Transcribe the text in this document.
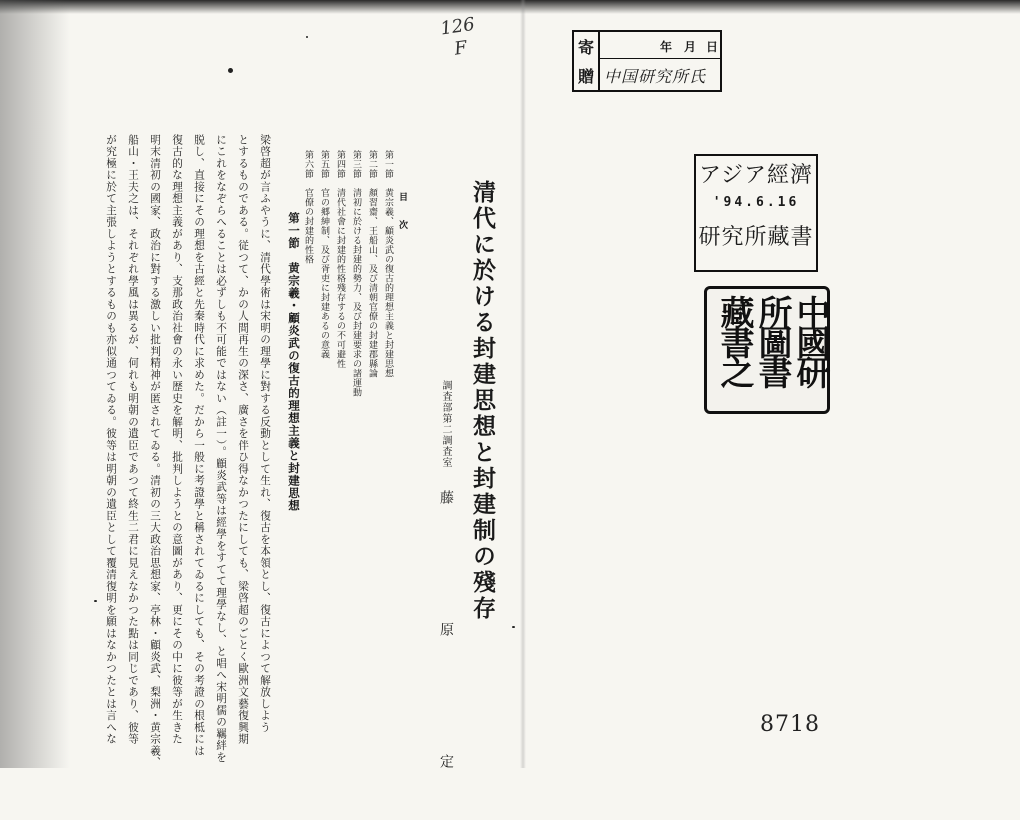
126
F
清代に於ける封建思想と封建制の殘存
調査部第二調査室
藤　原　定
目　次
第一節　黄宗羲、顧炎武の復古的理想主義と封建思想
第二節　顏習齋、王船山、及び清朝官僚の封建郡縣論
第三節　清初に於ける封建的勢力、及び封建要求の諸運動
第四節　清代社會に封建的性格殘存するの不可避性
第五節　官の郷紳制、及び胥吏に封建あるの意義
第六節　官僚の封建的性格
第一節　黄宗羲・顧炎武の復古的理想主義と封建思想
梁啓超が言ふやうに、清代學術は宋明の理學に對する反動として生れ、復古を本領とし、復古によつて解放しよう
とするものである。従つて、かの人間再生の深さ、廣さを伴ひ得なかつたにしても、梁啓超のごとく歐洲文藝復興期
にこれをなぞらへることは必ずしも不可能ではない（註一）。顧炎武等は經學をすてて理學なし、と唱へ宋明儒の羈絆を
脱し、直接にその理想を古經と先秦時代に求めた。だから一般に考證學と稱されてゐるにしても、その考證の根柢には
復古的な理想主義があり、支那政治社會の永い歴史を解明、批判しようとの意圖があり、更にその中に彼等が生きた
明末清初の國家、政治に對する激しい批判精神が匿されてゐる。清初の三大政治思想家、亭林・顧炎武、梨洲・黄宗羲、
船山・王夫之は、それぞれ學風は異るが、何れも明朝の遺臣であつて終生二君に見えなかつた點は同じであり、彼等
が究極に於て主張しようとするものも亦似通つてゐる。彼等は明朝の遺臣として覆清復明を願はなかつたとは言へな
寄
贈
年 月 日
中国研究所氏
アジア經濟
'94.6.16
研究所藏書
中國研
所圖書
藏書之
8718
